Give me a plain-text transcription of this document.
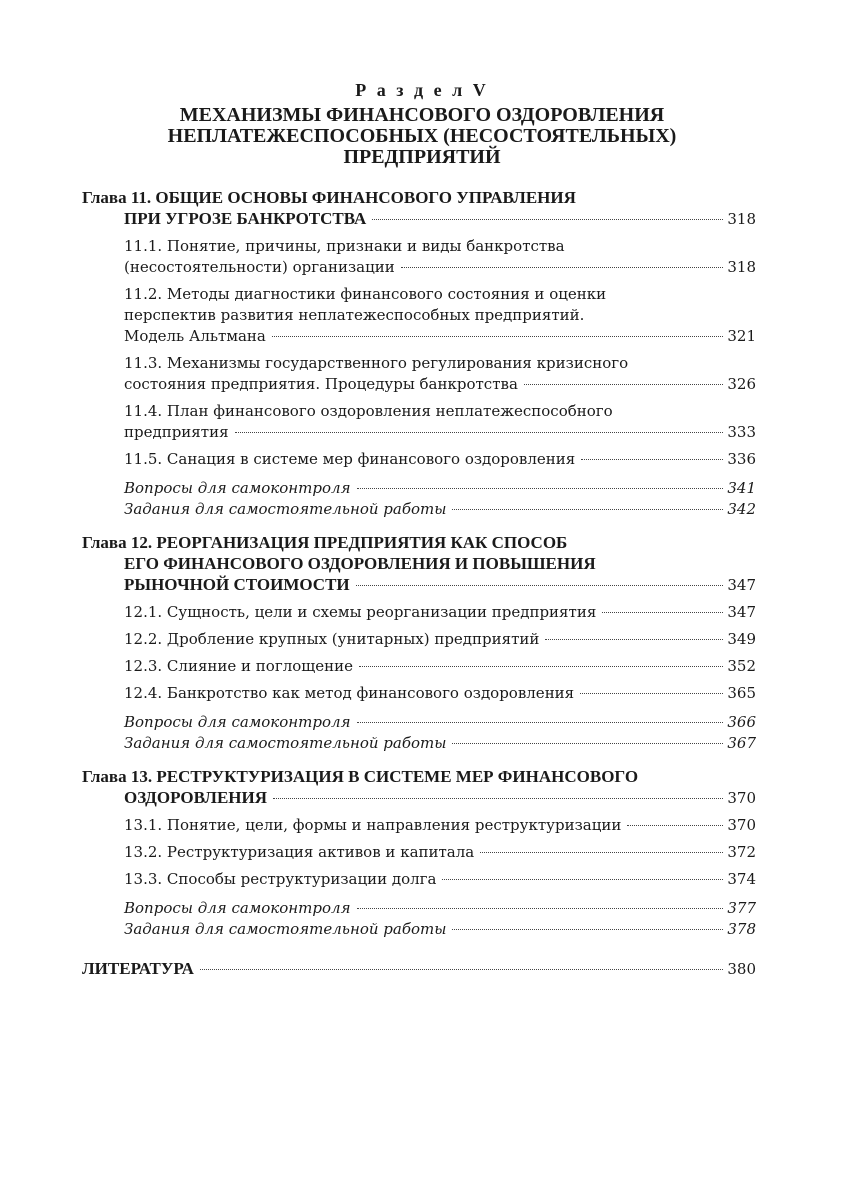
Р а з д е л V
МЕХАНИЗМЫ ФИНАНСОВОГО ОЗДОРОВЛЕНИЯ
НЕПЛАТЕЖЕСПОСОБНЫХ (НЕСОСТОЯТЕЛЬНЫХ)
ПРЕДПРИЯТИЙ
Глава 11. ОБЩИЕ ОСНОВЫ ФИНАНСОВОГО УПРАВЛЕНИЯ
ПРИ УГРОЗЕ БАНКРОТСТВА	318
11.1. Понятие, причины, признаки и виды банкротства
(несостоятельности) организации	318
11.2. Методы диагностики финансового состояния и оценки
перспектив развития неплатежеспособных предприятий.
Модель Альтмана	321
11.3. Механизмы государственного регулирования кризисного
состояния предприятия. Процедуры банкротства	326
11.4. План финансового оздоровления неплатежеспособного
предприятия	333
11.5. Санация в системе мер финансового оздоровления	336
Вопросы для самоконтроля	341
Задания для самостоятельной работы	342
Глава 12. РЕОРГАНИЗАЦИЯ ПРЕДПРИЯТИЯ КАК СПОСОБ
ЕГО ФИНАНСОВОГО ОЗДОРОВЛЕНИЯ И ПОВЫШЕНИЯ
РЫНОЧНОЙ СТОИМОСТИ	347
12.1. Сущность, цели и схемы реорганизации предприятия	347
12.2. Дробление крупных (унитарных) предприятий	349
12.3. Слияние и поглощение	352
12.4. Банкротство как метод финансового оздоровления	365
Вопросы для самоконтроля	366
Задания для самостоятельной работы	367
Глава 13. РЕСТРУКТУРИЗАЦИЯ В СИСТЕМЕ МЕР ФИНАНСОВОГО
ОЗДОРОВЛЕНИЯ	370
13.1. Понятие, цели, формы и направления реструктуризации	370
13.2. Реструктуризация активов и капитала	372
13.3. Способы реструктуризации долга	374
Вопросы для самоконтроля	377
Задания для самостоятельной работы	378
ЛИТЕРАТУРА	380
